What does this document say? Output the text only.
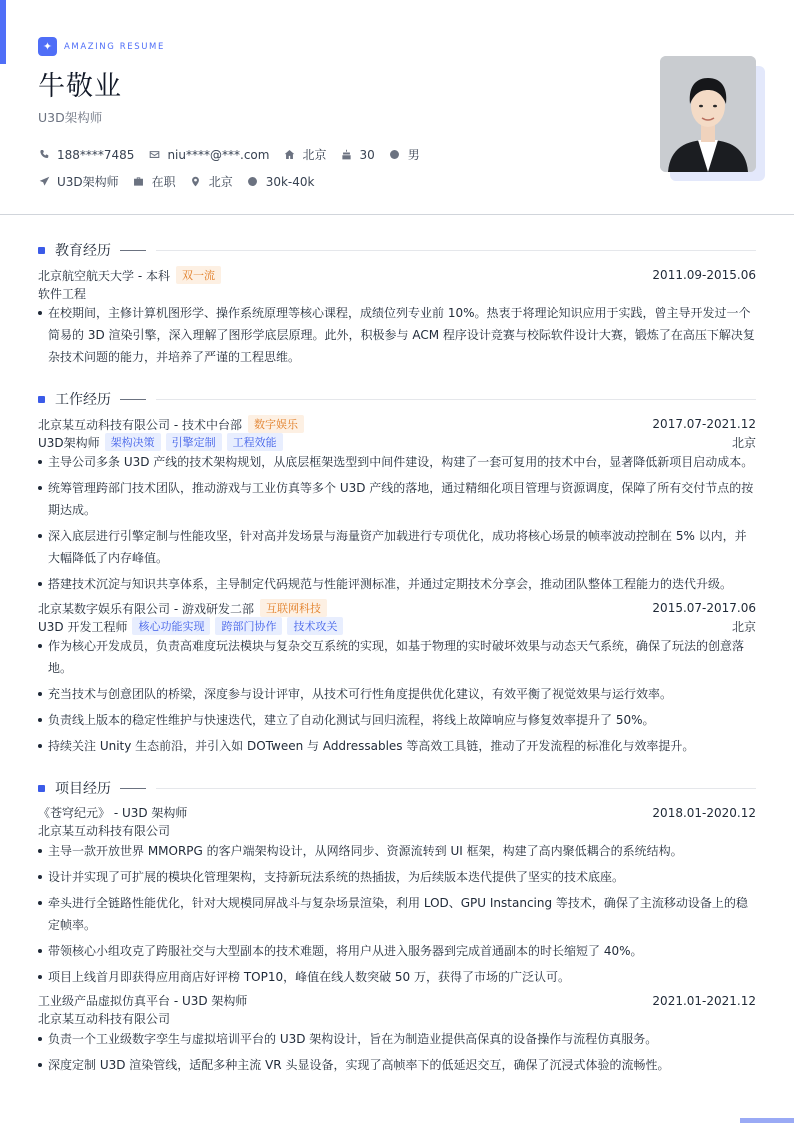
✦	AMAZING RESUME
牛敬业
U3D架构师
188****7485	niu****@***.com	北京	30	男
U3D架构师	在职	北京	30k-40k
教育经历
北京航空航天大学 - 本科	双一流	2011.09-2015.06
软件工程
在校期间，主修计算机图形学、操作系统原理等核心课程，成绩位列专业前 10%。热衷于将理论知识应用于实践，曾主导开发过一个简易的 3D 渲染引擎，深入理解了图形学底层原理。此外，积极参与 ACM 程序设计竞赛与校际软件设计大赛，锻炼了在高压下解决复杂技术问题的能力，并培养了严谨的工程思维。
工作经历
北京某互动科技有限公司 - 技术中台部	数字娱乐	2017.07-2021.12
U3D架构师	架构决策	引擎定制	工程效能	北京
主导公司多条 U3D 产线的技术架构规划，从底层框架选型到中间件建设，构建了一套可复用的技术中台，显著降低新项目启动成本。
统筹管理跨部门技术团队，推动游戏与工业仿真等多个 U3D 产线的落地，通过精细化项目管理与资源调度，保障了所有交付节点的按期达成。
深入底层进行引擎定制与性能攻坚，针对高并发场景与海量资产加载进行专项优化，成功将核心场景的帧率波动控制在 5% 以内，并大幅降低了内存峰值。
搭建技术沉淀与知识共享体系，主导制定代码规范与性能评测标准，并通过定期技术分享会，推动团队整体工程能力的迭代升级。
北京某数字娱乐有限公司 - 游戏研发二部	互联网科技	2015.07-2017.06
U3D 开发工程师	核心功能实现	跨部门协作	技术攻关	北京
作为核心开发成员，负责高难度玩法模块与复杂交互系统的实现，如基于物理的实时破坏效果与动态天气系统，确保了玩法的创意落地。
充当技术与创意团队的桥梁，深度参与设计评审，从技术可行性角度提供优化建议，有效平衡了视觉效果与运行效率。
负责线上版本的稳定性维护与快速迭代，建立了自动化测试与回归流程，将线上故障响应与修复效率提升了 50%。
持续关注 Unity 生态前沿，并引入如 DOTween 与 Addressables 等高效工具链，推动了开发流程的标准化与效率提升。
项目经历
《苍穹纪元》 - U3D 架构师	2018.01-2020.12
北京某互动科技有限公司
主导一款开放世界 MMORPG 的客户端架构设计，从网络同步、资源流转到 UI 框架，构建了高内聚低耦合的系统结构。
设计并实现了可扩展的模块化管理架构，支持新玩法系统的热插拔，为后续版本迭代提供了坚实的技术底座。
牵头进行全链路性能优化，针对大规模同屏战斗与复杂场景渲染，利用 LOD、GPU Instancing 等技术，确保了主流移动设备上的稳定帧率。
带领核心小组攻克了跨服社交与大型副本的技术难题，将用户从进入服务器到完成首通副本的时长缩短了 40%。
项目上线首月即获得应用商店好评榜 TOP10，峰值在线人数突破 50 万，获得了市场的广泛认可。
工业级产品虚拟仿真平台 - U3D 架构师	2021.01-2021.12
北京某互动科技有限公司
负责一个工业级数字孪生与虚拟培训平台的 U3D 架构设计，旨在为制造业提供高保真的设备操作与流程仿真服务。
深度定制 U3D 渲染管线，适配多种主流 VR 头显设备，实现了高帧率下的低延迟交互，确保了沉浸式体验的流畅性。
